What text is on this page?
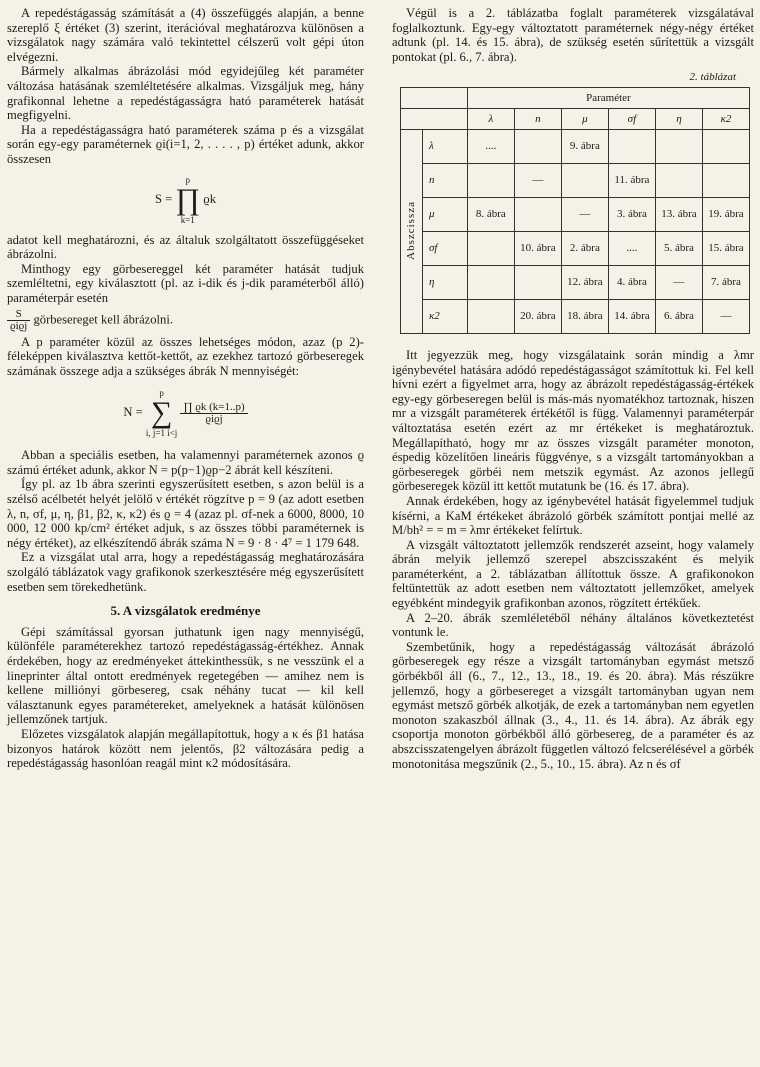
A repedéstágasság számítását a (4) összefüggés alapján, a benne szereplő ξ értéket (3) szerint, iterációval meghatározva különösen a vizsgálatok nagy számára való tekintettel célszerű volt gépi úton elvégezni.

Bármely alkalmas ábrázolási mód egyidejűleg két paraméter változása hatásának szemléltetésére alkalmas. Vizsgáljuk meg, hány grafikonnal lehetne a repedéstágasságra ható paraméterek hatását megfigyelni.

Ha a repedéstágasságra ható paraméterek száma p és a vizsgálat során egy-egy paraméternek ϱi(i=1, 2, . . . . , p) értéket adunk, akkor összesen

S =
p
∏
k=1
ϱk

adatot kell meghatározni, és az általuk szolgáltatott összefüggéseket ábrázolni.

Minthogy egy görbesereggel két paraméter hatását tudjuk szemléltetni, egy kiválasztott (pl. az i-dik és j-dik paraméterből álló) paraméterpár esetén

$\frac{S}{\text{ϱiϱj}}$ görbesereget kell ábrázolni.

A p paraméter közül az összes lehetséges módon, azaz (p 2)-féleképpen kiválasztva kettőt-kettőt, az ezekhez tartozó görbeseregek számának összege adja a szükséges ábrák N mennyiségét:

N =
p
∑
i, j=1 i<j

$\frac{\prod ϱk (k=1..p)}{\text{ϱiϱj}}$

Abban a speciális esetben, ha valamennyi paraméternek azonos ϱ számú értéket adunk, akkor N = p(p−1)ϱp−2 ábrát kell készíteni.

Így pl. az 1b ábra szerinti egyszerűsített esetben, s azon belül is a szélső acélbetét helyét jelölő ν értékét rögzítve p = 9 (az adott esetben λ, n, σf, μ, η, β1, β2, κ, κ2) és ϱ = 4 (azaz pl. σf-nek a 6000, 8000, 10 000, 12 000 kp/cm² értéket adjuk, s az összes többi paraméternek is négy értéket), az elkészítendő ábrák száma N = 9 · 8 · 4⁷ = 1 179 648.

Ez a vizsgálat utal arra, hogy a repedéstágasság meghatározására szolgáló táblázatok vagy grafikonok szerkesztésére még egyszerűsített esetben sem törekedhetünk.

5. A vizsgálatok eredménye

Gépi számítással gyorsan juthatunk igen nagy mennyiségű, különféle paraméterekhez tartozó repedéstágasság-értékhez. Annak érdekében, hogy az eredményeket áttekinthessük, s ne vesszünk el a lineprinter által ontott eredmények regetegében — amihez nem is kellene milliónyi görbesereg, csak néhány tucat — kil kell választanunk egyes paramétereket, amelyeknek a hatását különösen jellemzőnek tartjuk.

Előzetes vizsgálatok alapján megállapítottuk, hogy a κ és β1 hatása bizonyos határok között nem jelentős, β2 változására pedig a repedéstágasság hasonlóan reagál mint κ2 módosítására.

Végül is a 2. táblázatba foglalt paraméterek vizsgálatával foglalkoztunk. Egy-egy változtatott paraméternek négy-négy értéket adtunk (pl. 14. és 15. ábra), de szükség esetén sűrítettük a vizsgált pontokat (pl. 6., 7. ábra).

2. táblázat
		Paraméter					
		λ	n	μ	σf	η	κ2
Abszcissza	λ	....		9. ábra			
	n		—		11. ábra		
	μ	8. ábra		—	3. ábra	13. ábra	19. ábra
	σf		10. ábra	2. ábra	....	5. ábra	15. ábra
	η			12. ábra	4. ábra	—	7. ábra
	κ2		20. ábra	18. ábra	14. ábra	6. ábra	—

Itt jegyezzük meg, hogy vizsgálataink során mindig a λmr igénybevétel hatására adódó repedéstágasságot számítottuk ki. Fel kell hívni ezért a figyelmet arra, hogy az ábrázolt repedéstágasság-értékek egy-egy görbeseregen belül is más-más nyomatékhoz tartoznak, hiszen mr a vizsgált paraméterek értékétől is függ. Valamennyi paraméterpár változtatása esetén ezért az mr értékeket is meghatároztuk. Megállapítható, hogy mr az összes vizsgált paraméter monoton, éspedig közelítően lineáris függvénye, s a vizsgált tartományokban a görbeseregek görbéi nem metszik egymást. Az azonos jellegű görbeseregek közül itt kettőt mutatunk be (16. és 17. ábra).

Annak érdekében, hogy az igénybevétel hatását figyelemmel tudjuk kísérni, a KaM értékeket ábrázoló görbék számított pontjai mellé az M/bh² = = m = λmr értékeket felírtuk.

A vizsgált változtatott jellemzők rendszerét azseint, hogy valamely ábrán melyik jellemző szerepel abszcisszaként és melyik paraméterként, a 2. táblázatban állítottuk össze. A grafikonokon feltüntettük az adott esetben nem változtatott jellemzőket, amelyek egyébként mindegyik grafikonban azonos, rögzített értékűek.

A 2–20. ábrák szemléletéből néhány általános következtetést vontunk le.

Szembetűnik, hogy a repedéstágasság változását ábrázoló görbeseregek egy része a vizsgált tartományban egymást metsző görbékből áll (6., 7., 12., 13., 18., 19. és 20. ábra). Más részükre jellemző, hogy a görbesereget a vizsgált tartományban ugyan nem egymást metsző görbék alkotják, de ezek a tartományban nem egyetlen monoton szakaszból állnak (3., 4., 11. és 14. ábra). Az ábrák egy csoportja monoton görbékből álló görbesereg, de a paraméter és az abszcisszatengelyen ábrázolt független változó felcserélésével a görbék monotonitása megszűnik (2., 5., 10., 15. ábra). Az n és σf
